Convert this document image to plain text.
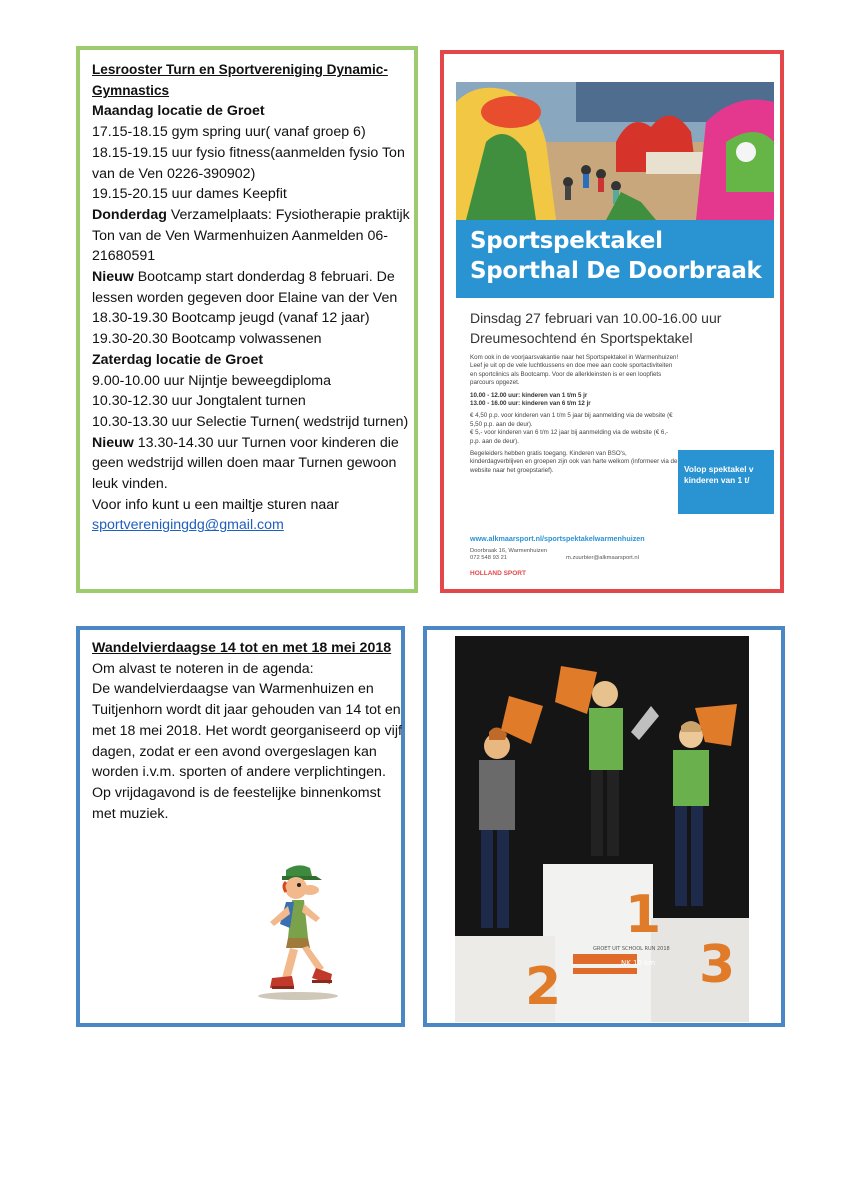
Lesrooster Turn en Sportvereniging Dynamic-Gymnastics
Maandag locatie de Groet
17.15-18.15 gym spring uur( vanaf groep 6)
18.15-19.15 uur fysio fitness(aanmelden fysio Ton van de Ven 0226-390902)
19.15-20.15 uur dames Keepfit
Donderdag Verzamelplaats: Fysiotherapie praktijk Ton van de Ven Warmenhuizen Aanmelden 06-21680591
Nieuw Bootcamp start donderdag 8 februari. De lessen worden gegeven door Elaine van der Ven
18.30-19.30 Bootcamp jeugd (vanaf 12 jaar)
19.30-20.30 Bootcamp volwassenen
Zaterdag locatie de Groet
9.00-10.00 uur Nijntje beweegdiploma
10.30-12.30 uur Jongtalent turnen
10.30-13.30 uur Selectie Turnen( wedstrijd turnen)
Nieuw 13.30-14.30 uur Turnen voor kinderen die geen wedstrijd willen doen maar Turnen gewoon leuk vinden.
Voor info kunt u een mailtje sturen naar
sportverenigingdg@gmail.com
Sportspektakel
Sporthal De Doorbraak
Dinsdag 27 februari van 10.00-16.00 uur
Dreumesochtend én Sportspektakel

Kom ook in de voorjaarsvakantie naar het Sportspektakel in Warmenhuizen! Leef je uit op de vele luchtkussens en doe mee aan coole sportactiviteiten en sportclinics als Bootcamp. Voor de allerkleinsten is er een loopfiets parcours opgezet.

10.00 - 12.00 uur: kinderen van 1 t/m 5 jr
13.00 - 16.00 uur: kinderen van 6 t/m 12 jr

€ 4,50 p.p. voor kinderen van 1 t/m 5 jaar bij aanmelding via de website (€ 5,50 p.p. aan de deur).
€ 5,- voor kinderen van 6 t/m 12 jaar bij aanmelding via de website (€ 6,- p.p. aan de deur).

Begeleiders hebben gratis toegang. Kinderen van BSO's, kinderdagverblijven en groepen zijn ook van harte welkom (informeer via de website naar het groepstarief).	Volop spektakel v
kinderen van 1 t/
www.alkmaarsport.nl/sportspektakelwarmenhuizen
Doorbraak 16, Warmenhuizen
072 548 93 21	m.zuurbier@alkmaarsport.nl
HOLLAND SPORT
Wandelvierdaagse 14 tot en met 18 mei 2018
Om alvast te noteren in de agenda:
De wandelvierdaagse van Warmenhuizen en Tuitjenhorn wordt dit jaar gehouden van 14 tot en met 18 mei 2018. Het wordt georganiseerd op vijf dagen, zodat er een avond overgeslagen kan worden i.v.m. sporten of andere verplichtingen. Op vrijdagavond is de feestelijke binnenkomst met muziek.
1
2	3
GROET UIT SCHOOL RUN 2018
NK 10 km
